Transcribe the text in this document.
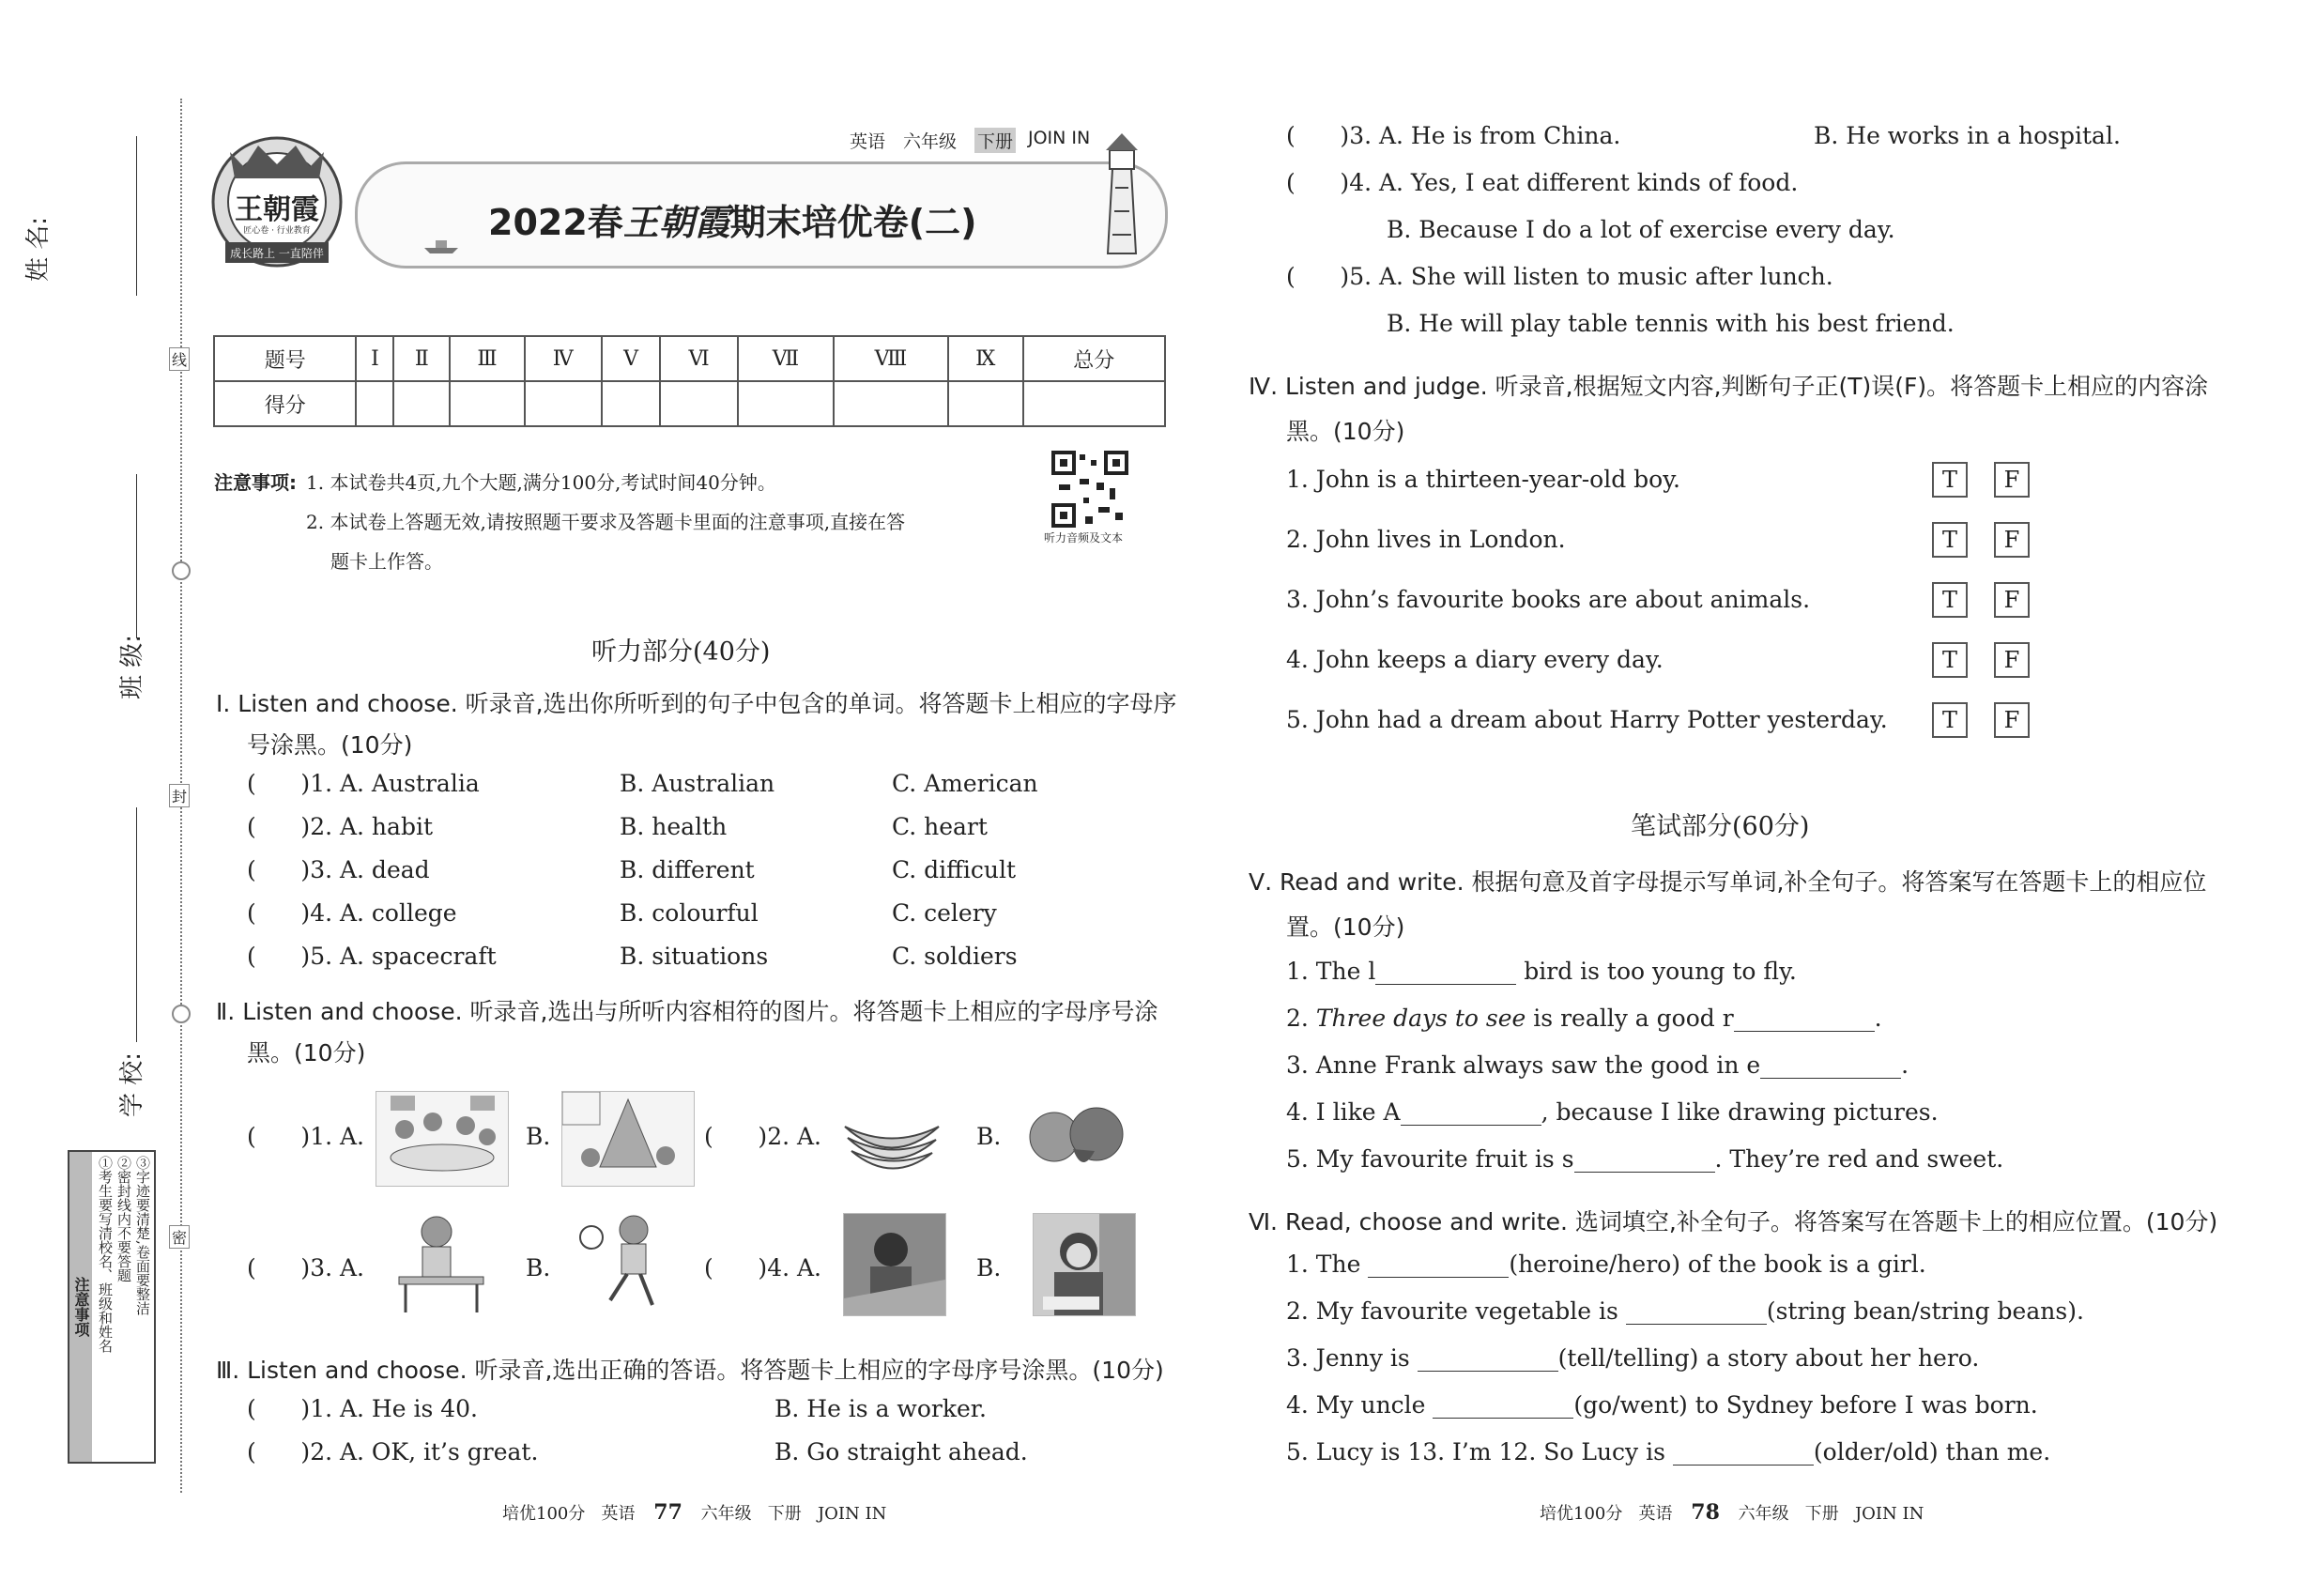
姓 名:
班 级:
学 校:
线
封
密
注意事项 ①考生要写清校名、班级和姓名 ②密封线内不要答题 ③字迹要清楚,卷面要整洁
王朝霞
匠心卷 · 行业教育
成长路上 一直陪伴
英语 六年级 下册 JOIN IN
2022春王朝霞期末培优卷(二)
题号	Ⅰ	Ⅱ	Ⅲ	Ⅳ	Ⅴ	Ⅵ	Ⅶ	Ⅷ	Ⅸ	总分
得分										
注意事项: 1. 本试卷共4页,九个大题,满分100分,考试时间40分钟。
2. 本试卷上答题无效,请按照题干要求及答题卡里面的注意事项,直接在答
题卡上作答。
听力音频及文本
听力部分(40分)
Ⅰ. Listen and choose. 听录音,选出你所听到的句子中包含的单词。将答题卡上相应的字母序
号涂黑。(10分)
(      )1. A. Australia	B. Australian	C. American
(      )2. A. habit	B. health	C. heart
(      )3. A. dead	B. different	C. difficult
(      )4. A. college	B. colourful	C. celery
(      )5. A. spacecraft	B. situations	C. soldiers
Ⅱ. Listen and choose. 听录音,选出与所听内容相符的图片。将答题卡上相应的字母序号涂
黑。(10分)
(      )1. A.	B.	(      )2. A.	B.
(      )3. A.	B.	(      )4. A.	B.
Ⅲ. Listen and choose. 听录音,选出正确的答语。将答题卡上相应的字母序号涂黑。(10分)
(      )1. A. He is 40.	B. He is a worker.
(      )2. A. OK, it’s great.	B. Go straight ahead.
培优100分   英语 77 六年级   下册   JOIN IN
(      )3. A. He is from China.	B. He works in a hospital.
(      )4. A. Yes, I eat different kinds of food.
B. Because I do a lot of exercise every day.
(      )5. A. She will listen to music after lunch.
B. He will play table tennis with his best friend.
Ⅳ. Listen and judge. 听录音,根据短文内容,判断句子正(T)误(F)。将答题卡上相应的内容涂
黑。(10分)
1. John is a thirteen-year-old boy.	T	F
2. John lives in London.	T	F
3. John’s favourite books are about animals.	T	F
4. John keeps a diary every day.	T	F
5. John had a dream about Harry Potter yesterday.	T	F
笔试部分(60分)
Ⅴ. Read and write. 根据句意及首字母提示写单词,补全句子。将答案写在答题卡上的相应位
置。(10分)
1. The l	bird is too young to fly.
2. Three days to see is really a good r	.
3. Anne Frank always saw the good in e	.
4. I like A	, because I like drawing pictures.
5. My favourite fruit is s	. They’re red and sweet.
Ⅵ. Read, choose and write. 选词填空,补全句子。将答案写在答题卡上的相应位置。(10分)
1. The	(heroine/hero) of the book is a girl.
2. My favourite vegetable is	(string bean/string beans).
3. Jenny is	(tell/telling) a story about her hero.
4. My uncle	(go/went) to Sydney before I was born.
5. Lucy is 13. I’m 12. So Lucy is	(older/old) than me.
培优100分   英语 78 六年级   下册   JOIN IN
